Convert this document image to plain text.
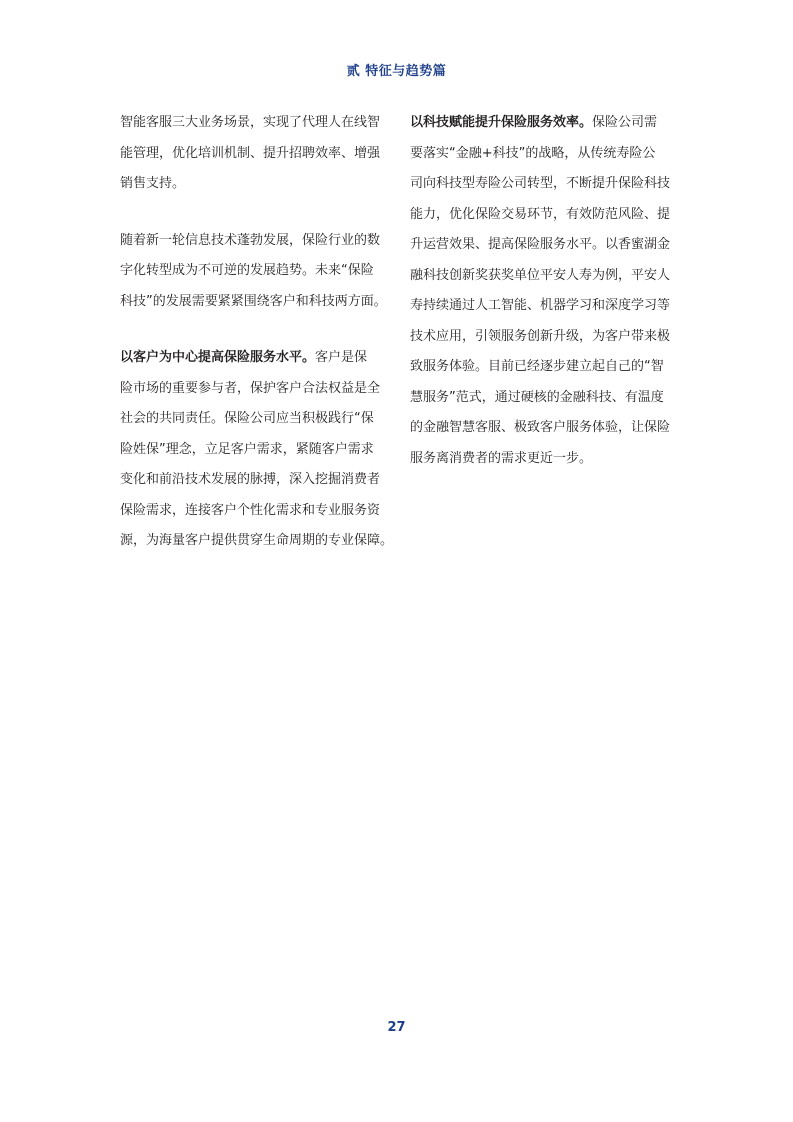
贰 特征与趋势篇

智能客服三大业务场景，实现了代理人在线智
能管理，优化培训机制、提升招聘效率、增强
销售支持。

随着新一轮信息技术蓬勃发展，保险行业的数
字化转型成为不可逆的发展趋势。未来“保险
科技”的发展需要紧紧围绕客户和科技两方面。

以客户为中心提高保险服务水平。客户是保
险市场的重要参与者，保护客户合法权益是全
社会的共同责任。保险公司应当积极践行“保
险姓保”理念，立足客户需求，紧随客户需求
变化和前沿技术发展的脉搏，深入挖掘消费者
保险需求，连接客户个性化需求和专业服务资
源，为海量客户提供贯穿生命周期的专业保障。

以科技赋能提升保险服务效率。保险公司需
要落实“金融+科技”的战略，从传统寿险公
司向科技型寿险公司转型，不断提升保险科技
能力，优化保险交易环节，有效防范风险、提
升运营效果、提高保险服务水平。以香蜜湖金
融科技创新奖获奖单位平安人寿为例，平安人
寿持续通过人工智能、机器学习和深度学习等
技术应用，引领服务创新升级，为客户带来极
致服务体验。目前已经逐步建立起自己的“智
慧服务”范式，通过硬核的金融科技、有温度
的金融智慧客服、极致客户服务体验，让保险
服务离消费者的需求更近一步。

27
